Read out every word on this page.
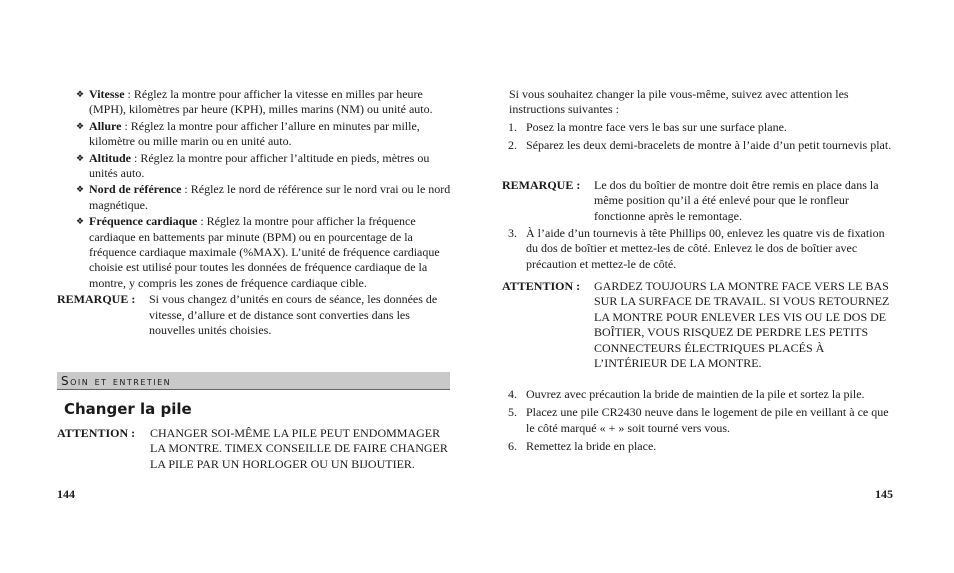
❖ Vitesse : Réglez la montre pour afficher la vitesse en milles par heure (MPH), kilomètres par heure (KPH), milles marins (NM) ou unité auto.
❖ Allure : Réglez la montre pour afficher l’allure en minutes par mille, kilomètre ou mille marin ou en unité auto.
❖ Altitude : Réglez la montre pour afficher l’altitude en pieds, mètres ou unités auto.
❖ Nord de référence : Réglez le nord de référence sur le nord vrai ou le nord magnétique.
❖ Fréquence cardiaque : Réglez la montre pour afficher la fréquence cardiaque en battements par minute (BPM) ou en pourcentage de la fréquence cardiaque maximale (%MAX). L’unité de fréquence cardiaque choisie est utilisé pour toutes les données de fréquence cardiaque de la montre, y compris les zones de fréquence cardiaque cible.
REMARQUE :	Si vous changez d’unités en cours de séance, les données de vitesse, d’allure et de distance sont converties dans les nouvelles unités choisies.
ATTENTION :	CHANGER SOI-MÊME LA PILE PEUT ENDOMMAGER LA MONTRE. TIMEX CONSEILLE DE FAIRE CHANGER LA PILE PAR UN HORLOGER OU UN BIJOUTIER.
Soin et entretien
Changer la pile
144
Si vous souhaitez changer la pile vous-même, suivez avec attention les instructions suivantes :
1. Posez la montre face vers le bas sur une surface plane.
2. Séparez les deux demi-bracelets de montre à l’aide d’un petit tournevis plat.
REMARQUE :	Le dos du boîtier de montre doit être remis en place dans la même position qu’il a été enlevé pour que le ronfleur fonctionne après le remontage.
3. À l’aide d’un tournevis à tête Phillips 00, enlevez les quatre vis de fixation du dos de boîtier et mettez-les de côté. Enlevez le dos de boîtier avec précaution et mettez-le de côté.
ATTENTION :	GARDEZ TOUJOURS LA MONTRE FACE VERS LE BAS SUR LA SURFACE DE TRAVAIL. SI VOUS RETOURNEZ LA MONTRE POUR ENLEVER LES VIS OU LE DOS DE BOÎTIER, VOUS RISQUEZ DE PERDRE LES PETITS CONNECTEURS ÉLECTRIQUES PLACÉS À L’INTÉRIEUR DE LA MONTRE.
4. Ouvrez avec précaution la bride de maintien de la pile et sortez la pile.
5. Placez une pile CR2430 neuve dans le logement de pile en veillant à ce que le côté marqué « + » soit tourné vers vous.
6. Remettez la bride en place.
145
